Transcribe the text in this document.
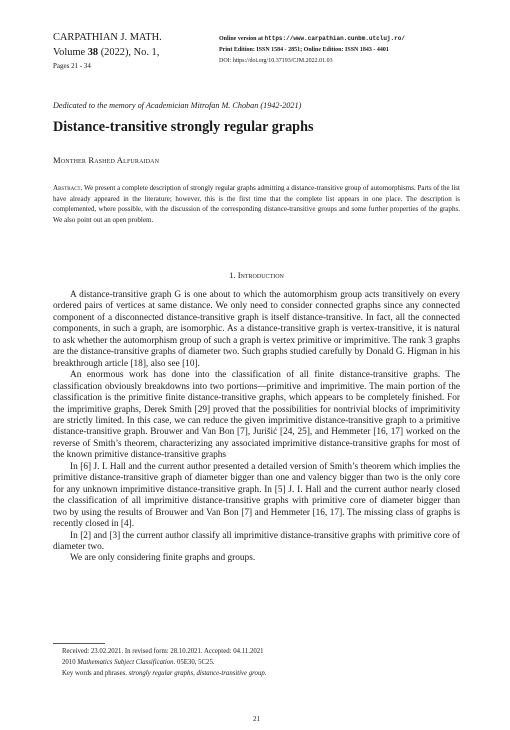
CARPATHIAN J. MATH.
Volume 38 (2022), No. 1,
Pages 21 - 34
Online version at https://www.carpathian.cunbm.utcluj.ro/
Print Edition: ISSN 1584 - 2851; Online Edition: ISSN 1843 - 4401
DOI: https://doi.org/10.37193/CJM.2022.01.03
Dedicated to the memory of Academician Mitrofan M. Choban (1942-2021)
Distance-transitive strongly regular graphs
Monther Rashed Alfuraidan
Abstract. We present a complete description of strongly regular graphs admitting a distance-transitive group of automorphisms. Parts of the list have already appeared in the literature; however, this is the first time that the complete list appears in one place. The description is complemented, where possible, with the discussion of the corresponding distance-transitive groups and some further properties of the graphs. We also point out an open problem.
1. Introduction

A distance-transitive graph G is one about to which the automorphism group acts transitively on every ordered pairs of vertices at same distance. We only need to consider connected graphs since any connected component of a disconnected distance-transitive graph is itself distance-transitive. In fact, all the connected components, in such a graph, are isomorphic. As a distance-transitive graph is vertex-transitive, it is natural to ask whether the automorphism group of such a graph is vertex primitive or imprimitive. The rank 3 graphs are the distance-transitive graphs of diameter two. Such graphs studied carefully by Donald G. Higman in his breakthrough article [18], also see [10].

An enormous work has done into the classification of all finite distance-transitive graphs. The classification obviously breakdowns into two portions—primitive and imprimitive. The main portion of the classification is the primitive finite distance-transitive graphs, which appears to be completely finished. For the imprimitive graphs, Derek Smith [29] proved that the possibilities for nontrivial blocks of imprimitivity are strictly limited. In this case, we can reduce the given imprimitive distance-transitive graph to a primitive distance-transitive graph. Brouwer and Van Bon [7], Jurišić [24, 25], and Hemmeter [16, 17] worked on the reverse of Smith’s theorem, characterizing any associated imprimitive distance-transitive graphs for most of the known primitive distance-transitive graphs

In [6] J. I. Hall and the current author presented a detailed version of Smith’s theorem which implies the primitive distance-transitive graph of diameter bigger than one and valency bigger than two is the only core for any unknown imprimitive distance-transitive graph. In [5] J. I. Hall and the current author nearly closed the classification of all imprimitive distance-transitive graphs with primitive core of diameter bigger than two by using the results of Brouwer and Van Bon [7] and Hemmeter [16, 17]. The missing class of graphs is recently closed in [4].

In [2] and [3] the current author classify all imprimitive distance-transitive graphs with primitive core of diameter two.

We are only considering finite graphs and groups.

Received: 23.02.2021. In revised form: 28.10.2021. Accepted: 04.11.2021
2010 Mathematics Subject Classification. 05E30, 5C25.
Key words and phrases. strongly regular graphs, distance-transitive group.
21
